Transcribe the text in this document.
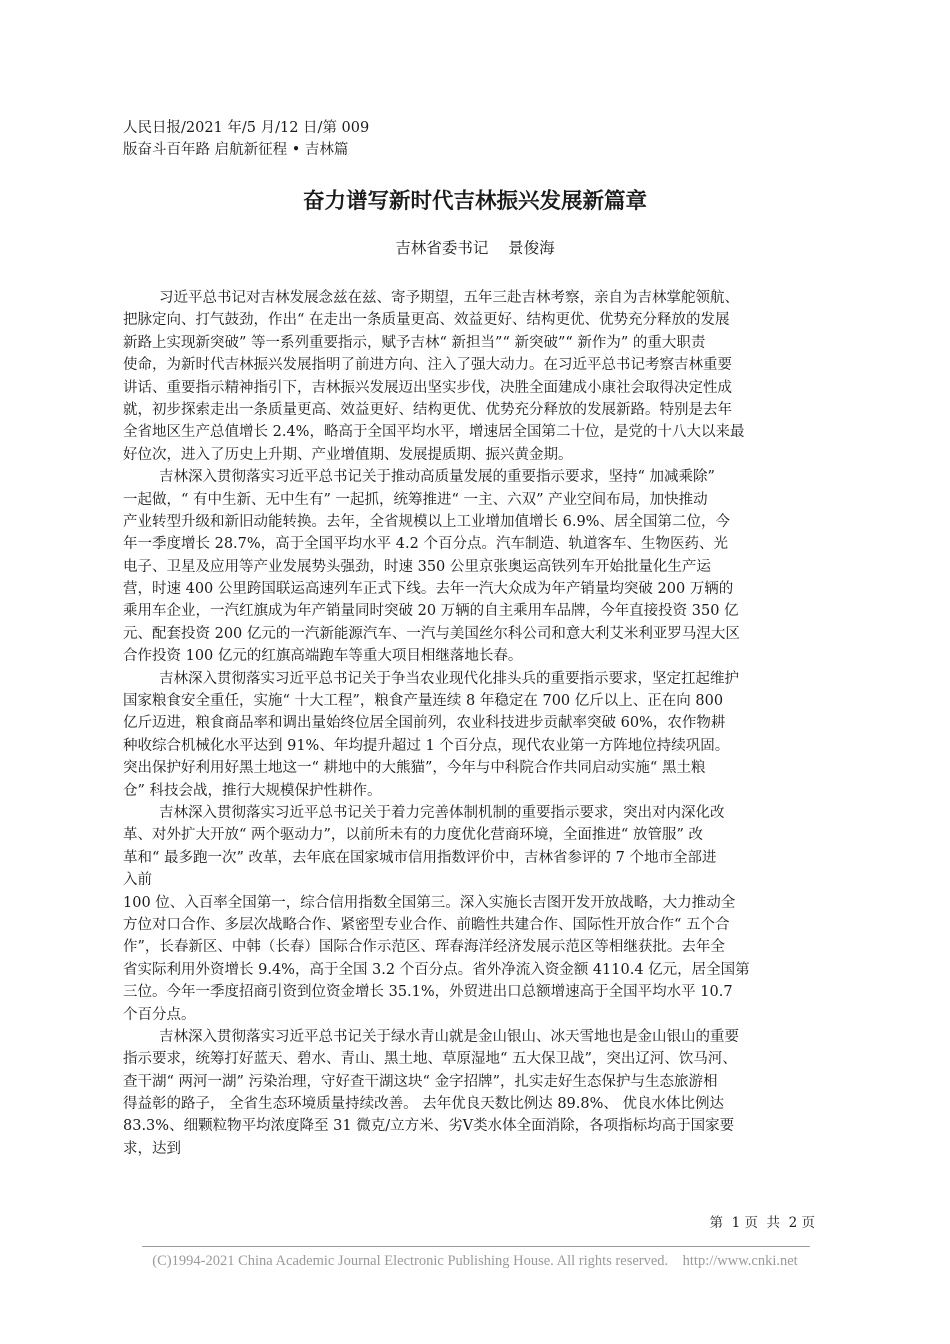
人民日报/2021 年/5 月/12 日/第 009
版奋斗百年路 启航新征程 • 吉林篇
奋力谱写新时代吉林振兴发展新篇章
吉林省委书记    景俊海

习近平总书记对吉林发展念兹在兹、寄予期望，五年三赴吉林考察，亲自为吉林掌舵领航、
把脉定向、打气鼓劲，作出“ 在走出一条质量更高、效益更好、结构更优、优势充分释放的发展
新路上实现新突破” 等一系列重要指示，赋予吉林“ 新担当”“ 新突破”“ 新作为” 的重大职责
使命，为新时代吉林振兴发展指明了前进方向、注入了强大动力。在习近平总书记考察吉林重要
讲话、重要指示精神指引下，吉林振兴发展迈出坚实步伐，决胜全面建成小康社会取得决定性成
就，初步探索走出一条质量更高、效益更好、结构更优、优势充分释放的发展新路。特别是去年
全省地区生产总值增长 2.4%，略高于全国平均水平，增速居全国第二十位，是党的十八大以来最
好位次，进入了历史上升期、产业增值期、发展提质期、振兴黄金期。

吉林深入贯彻落实习近平总书记关于推动高质量发展的重要指示要求，坚持“ 加减乘除”
一起做，“ 有中生新、无中生有” 一起抓，统筹推进“ 一主、六双” 产业空间布局，加快推动
产业转型升级和新旧动能转换。去年，全省规模以上工业增加值增长 6.9%、居全国第二位，今
年一季度增长 28.7%，高于全国平均水平 4.2 个百分点。汽车制造、轨道客车、生物医药、光
电子、卫星及应用等产业发展势头强劲，时速 350 公里京张奥运高铁列车开始批量化生产运
营，时速 400 公里跨国联运高速列车正式下线。去年一汽大众成为年产销量均突破 200 万辆的
乘用车企业，一汽红旗成为年产销量同时突破 20 万辆的自主乘用车品牌，今年直接投资 350 亿
元、配套投资 200 亿元的一汽新能源汽车、一汽与美国丝尔科公司和意大利艾米利亚罗马涅大区
合作投资 100 亿元的红旗高端跑车等重大项目相继落地长春。

吉林深入贯彻落实习近平总书记关于争当农业现代化排头兵的重要指示要求，坚定扛起维护
国家粮食安全重任，实施“ 十大工程”，粮食产量连续 8 年稳定在 700 亿斤以上、正在向 800
亿斤迈进，粮食商品率和调出量始终位居全国前列，农业科技进步贡献率突破 60%，农作物耕
种收综合机械化水平达到 91%、年均提升超过 1 个百分点，现代农业第一方阵地位持续巩固。
突出保护好利用好黑土地这一“ 耕地中的大熊猫”，今年与中科院合作共同启动实施“ 黑土粮
仓” 科技会战，推行大规模保护性耕作。

吉林深入贯彻落实习近平总书记关于着力完善体制机制的重要指示要求，突出对内深化改
革、对外扩大开放“ 两个驱动力”，以前所未有的力度优化营商环境，全面推进“ 放管服” 改
革和“ 最多跑一次” 改革，去年底在国家城市信用指数评价中，吉林省参评的 7 个地市全部进
入前
100 位、入百率全国第一，综合信用指数全国第三。深入实施长吉图开发开放战略，大力推动全
方位对口合作、多层次战略合作、紧密型专业合作、前瞻性共建合作、国际性开放合作“ 五个合
作”，长春新区、中韩（长春）国际合作示范区、珲春海洋经济发展示范区等相继获批。去年全
省实际利用外资增长 9.4%，高于全国 3.2 个百分点。省外净流入资金额 4110.4 亿元，居全国第
三位。今年一季度招商引资到位资金增长 35.1%，外贸进出口总额增速高于全国平均水平 10.7
个百分点。

吉林深入贯彻落实习近平总书记关于绿水青山就是金山银山、冰天雪地也是金山银山的重要
指示要求，统筹打好蓝天、碧水、青山、黑土地、草原湿地“ 五大保卫战”，突出辽河、饮马河、
查干湖“ 两河一湖” 污染治理，守好查干湖这块“ 金字招牌”，扎实走好生态保护与生态旅游相
得益彰的路子， 全省生态环境质量持续改善。 去年优良天数比例达 89.8%、 优良水体比例达
83.3%、细颗粒物平均浓度降至 31 微克/立方米、劣Ⅴ类水体全面消除，各项指标均高于国家要
求，达到

第  1 页  共  2 页
(C)1994-2021 China Academic Journal Electronic Publishing House. All rights reserved.    http://www.cnki.net
